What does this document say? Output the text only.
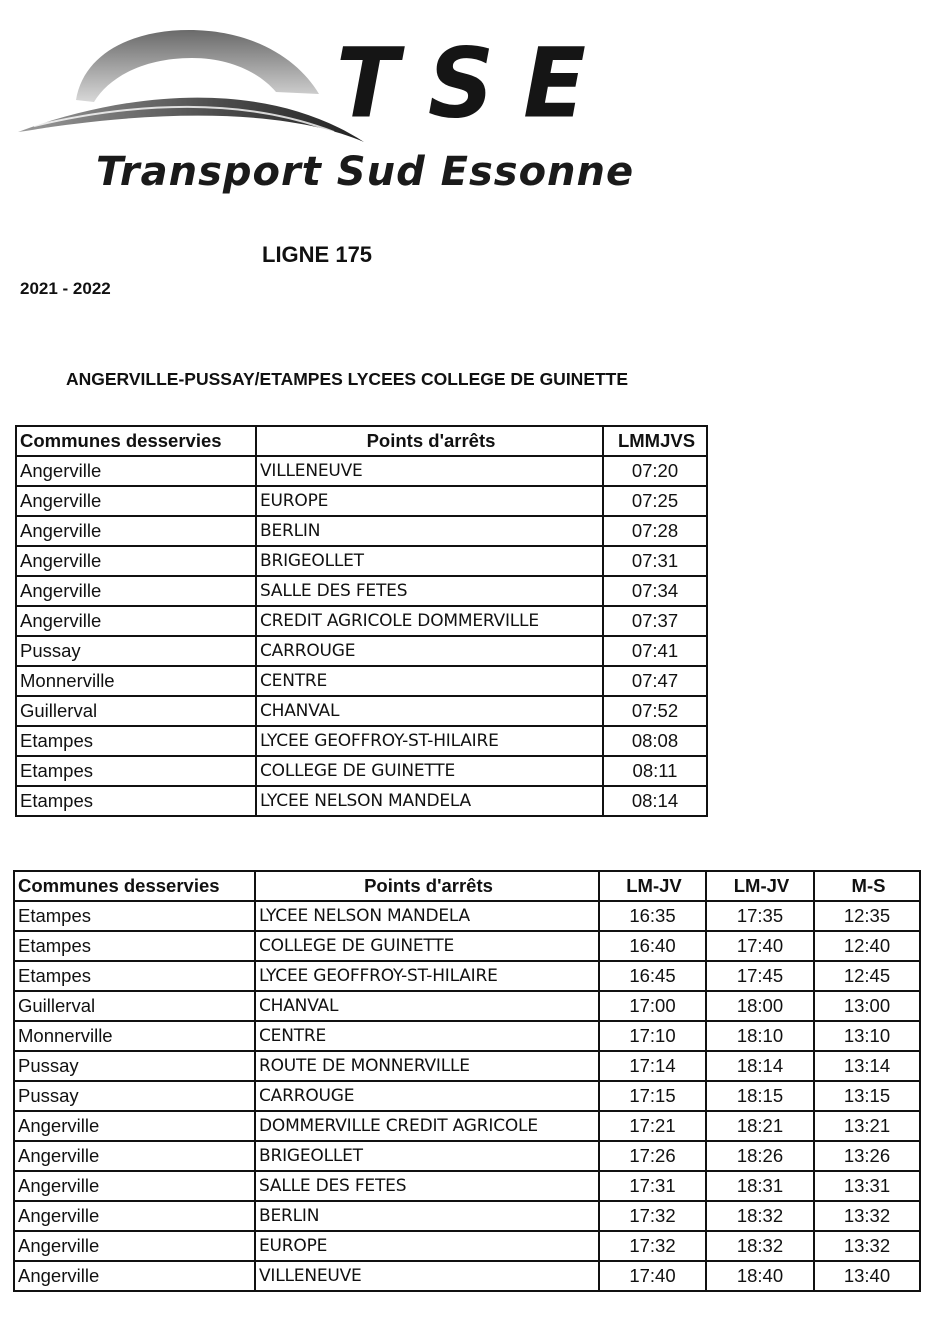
T S E
Transport Sud Essonne
LIGNE 175
2021 - 2022
ANGERVILLE-PUSSAY/ETAMPES LYCEES COLLEGE DE GUINETTE
Communes desservies	Points d'arrêts	LMMJVS
Angerville	VILLENEUVE	07:20
Angerville	EUROPE	07:25
Angerville	BERLIN	07:28
Angerville	BRIGEOLLET	07:31
Angerville	SALLE DES FETES	07:34
Angerville	CREDIT AGRICOLE DOMMERVILLE	07:37
Pussay	CARROUGE	07:41
Monnerville	CENTRE	07:47
Guillerval	CHANVAL	07:52
Etampes	LYCEE GEOFFROY-ST-HILAIRE	08:08
Etampes	COLLEGE DE GUINETTE	08:11
Etampes	LYCEE NELSON MANDELA	08:14
Communes desservies	Points d'arrêts	LM-JV	LM-JV	M-S
Etampes	LYCEE NELSON MANDELA	16:35	17:35	12:35
Etampes	COLLEGE DE GUINETTE	16:40	17:40	12:40
Etampes	LYCEE GEOFFROY-ST-HILAIRE	16:45	17:45	12:45
Guillerval	CHANVAL	17:00	18:00	13:00
Monnerville	CENTRE	17:10	18:10	13:10
Pussay	ROUTE DE MONNERVILLE	17:14	18:14	13:14
Pussay	CARROUGE	17:15	18:15	13:15
Angerville	DOMMERVILLE CREDIT AGRICOLE	17:21	18:21	13:21
Angerville	BRIGEOLLET	17:26	18:26	13:26
Angerville	SALLE DES FETES	17:31	18:31	13:31
Angerville	BERLIN	17:32	18:32	13:32
Angerville	EUROPE	17:32	18:32	13:32
Angerville	VILLENEUVE	17:40	18:40	13:40
